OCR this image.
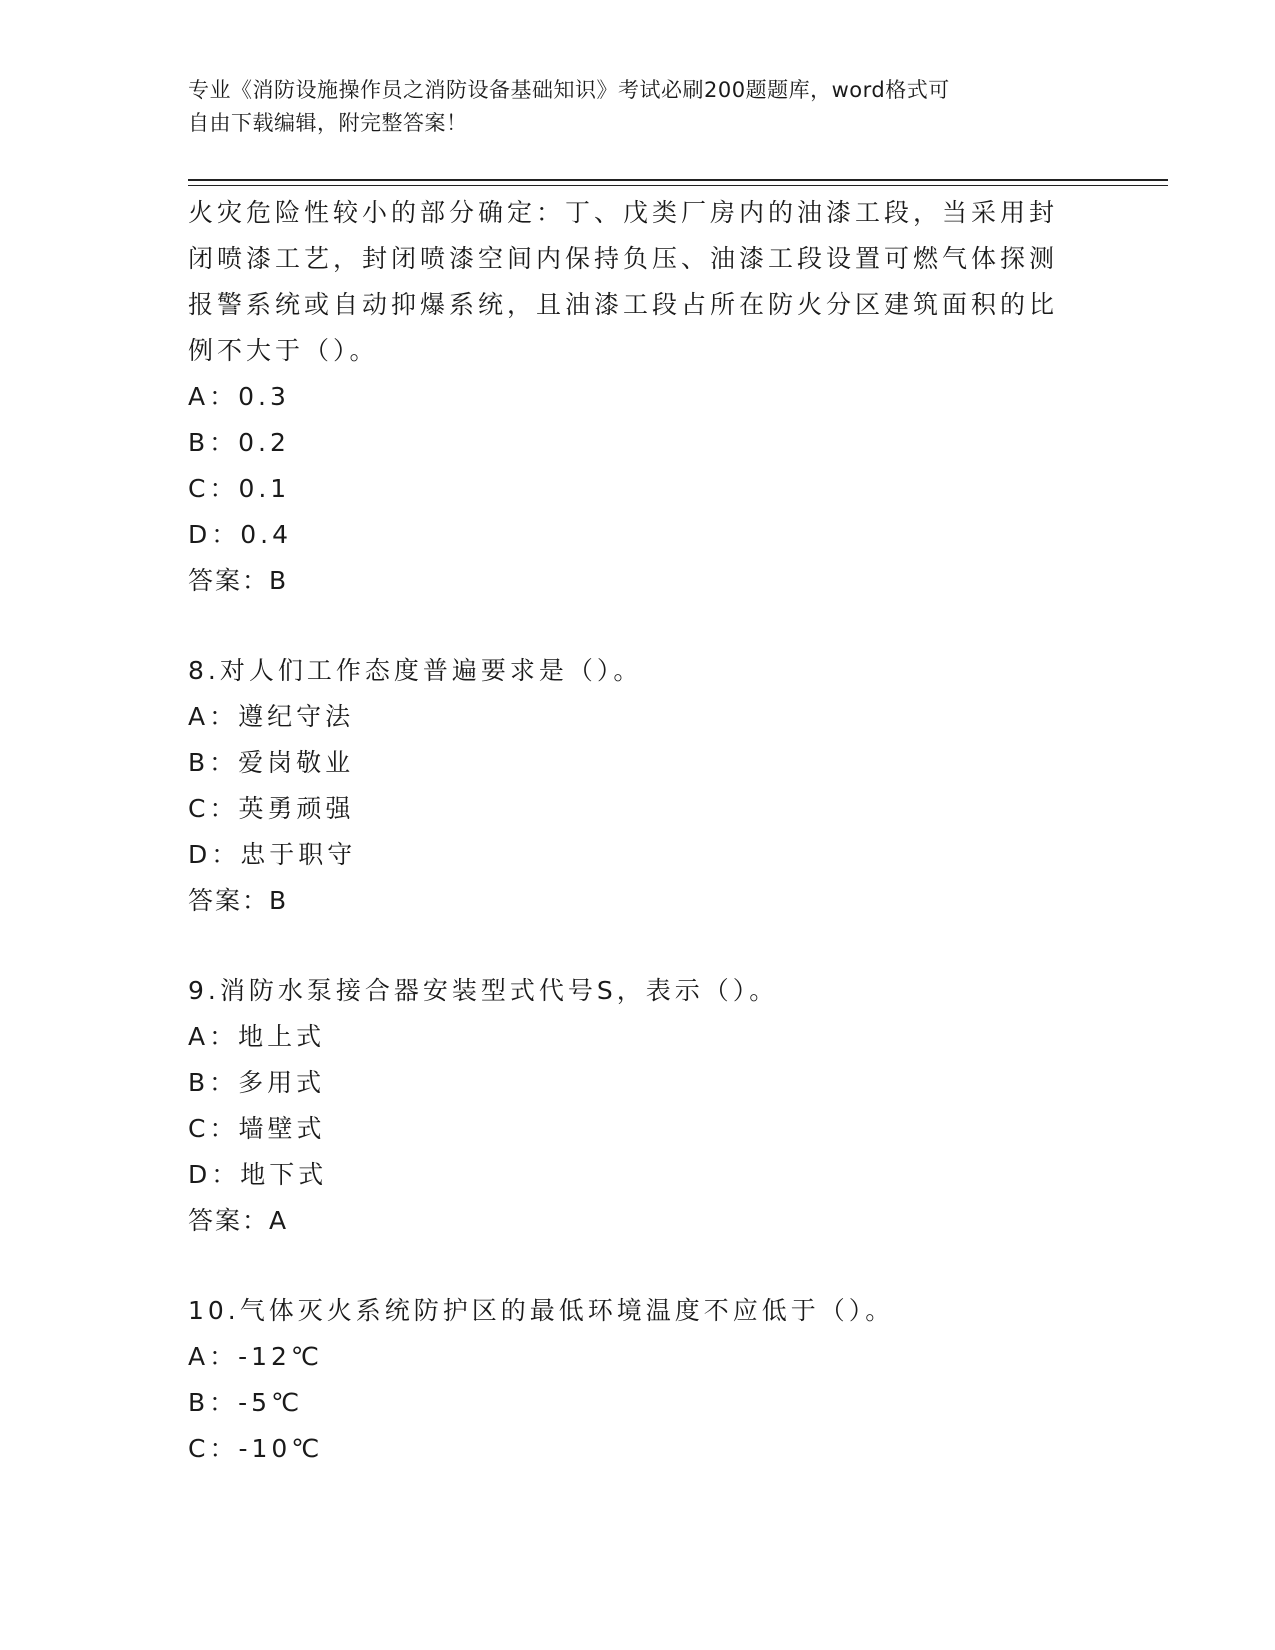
专业《消防设施操作员之消防设备基础知识》考试必刷200题题库，word格式可
自由下载编辑，附完整答案！
火灾危险性较小的部分确定：丁、戊类厂房内的油漆工段，当采用封
闭喷漆工艺，封闭喷漆空间内保持负压、油漆工段设置可燃气体探测
报警系统或自动抑爆系统，且油漆工段占所在防火分区建筑面积的比
例不大于（）。
A：0.3
B：0.2
C：0.1
D：0.4
答案：B
8.对人们工作态度普遍要求是（）。
A：遵纪守法
B：爱岗敬业
C：英勇顽强
D：忠于职守
答案：B
9.消防水泵接合器安装型式代号S，表示（）。
A：地上式
B：多用式
C：墙壁式
D：地下式
答案：A
10.气体灭火系统防护区的最低环境温度不应低于（）。
A：-12℃
B：-5℃
C：-10℃
